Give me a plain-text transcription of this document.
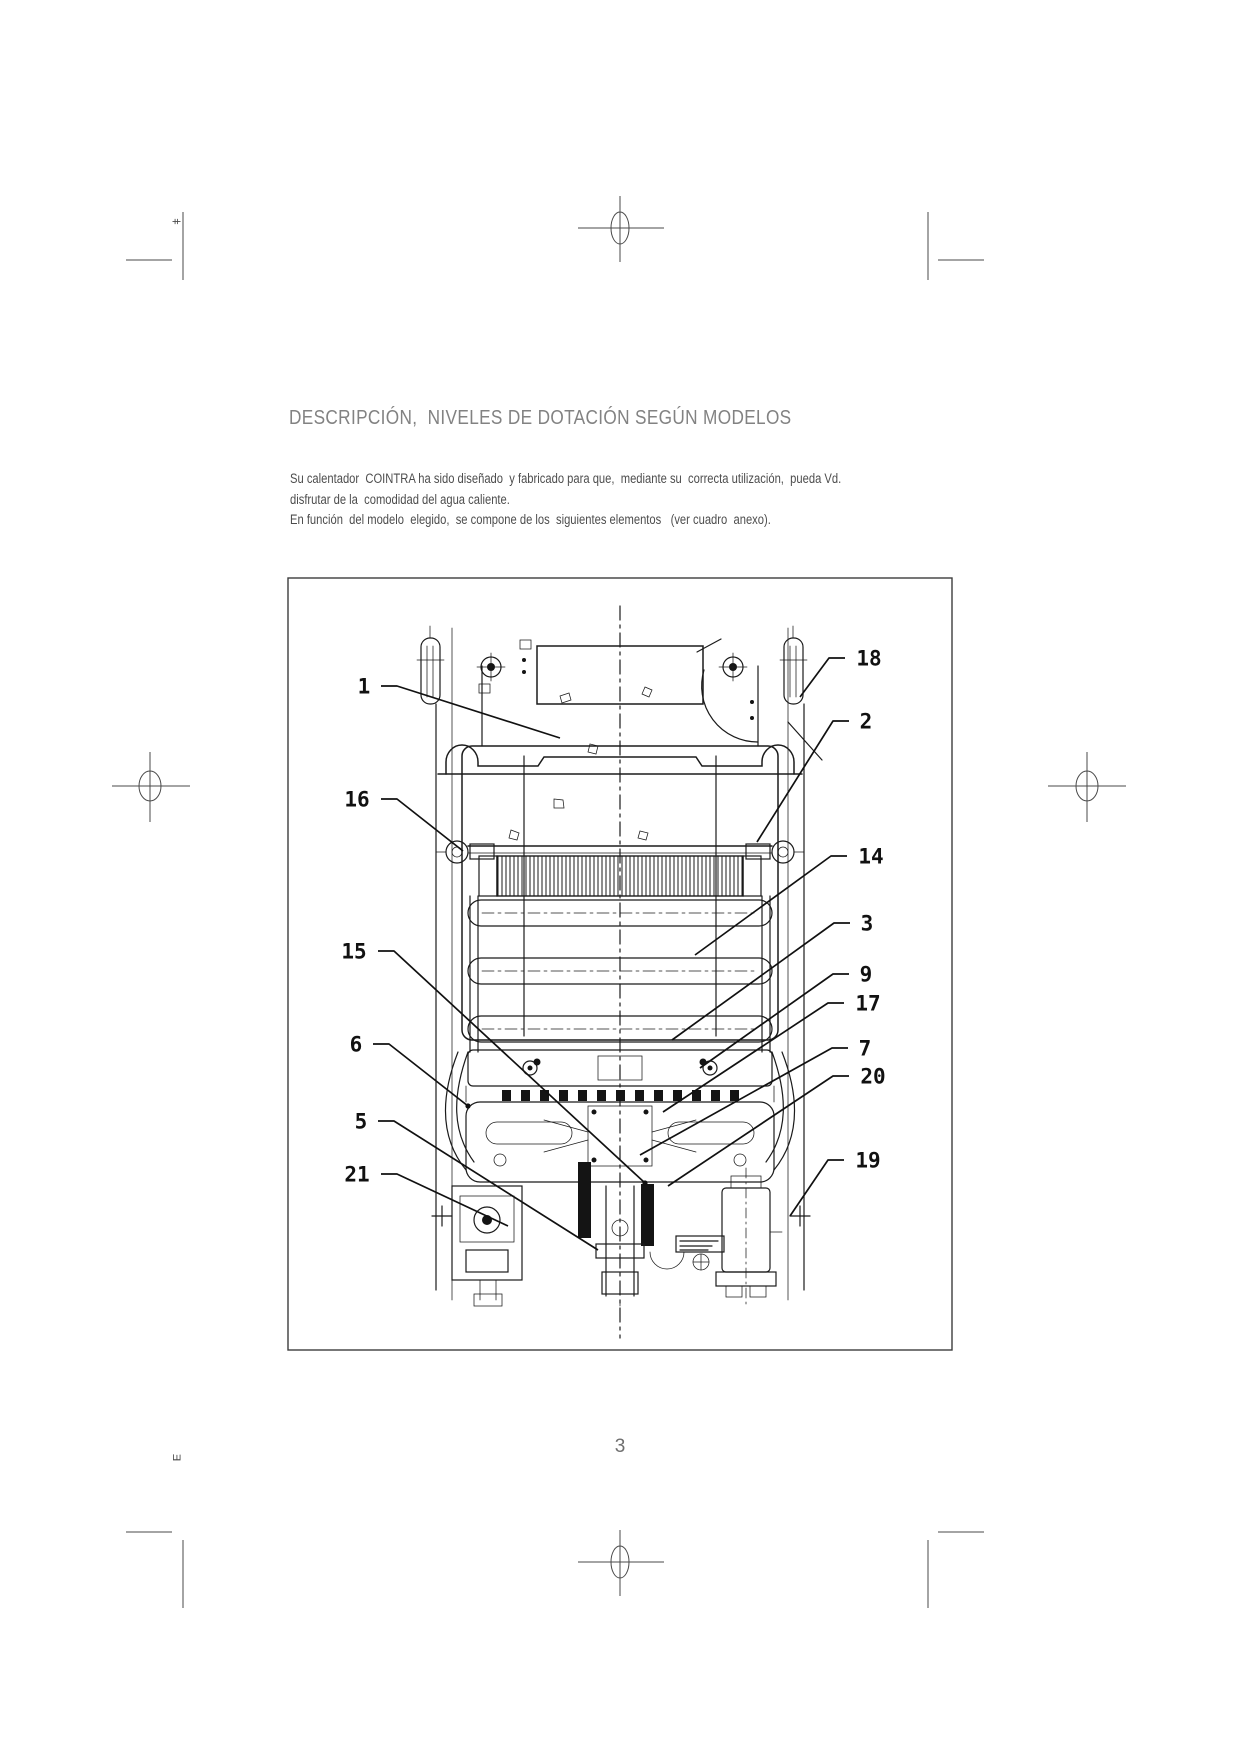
DESCRIPCIÓN,  NIVELES DE DOTACIÓN SEGÚN MODELOS
Su calentador  COINTRA ha sido diseñado  y fabricado para que,  mediante su  correcta utilización,  pueda Vd.
disfrutar de la  comodidad del agua caliente.
En función  del modelo  elegido,  se compone de los  siguientes elementos   (ver cuadro  anexo).
ǂ
Ǝ
3
1
16
15
6
5
21
18
2
14
3
9
17
7
20
19
